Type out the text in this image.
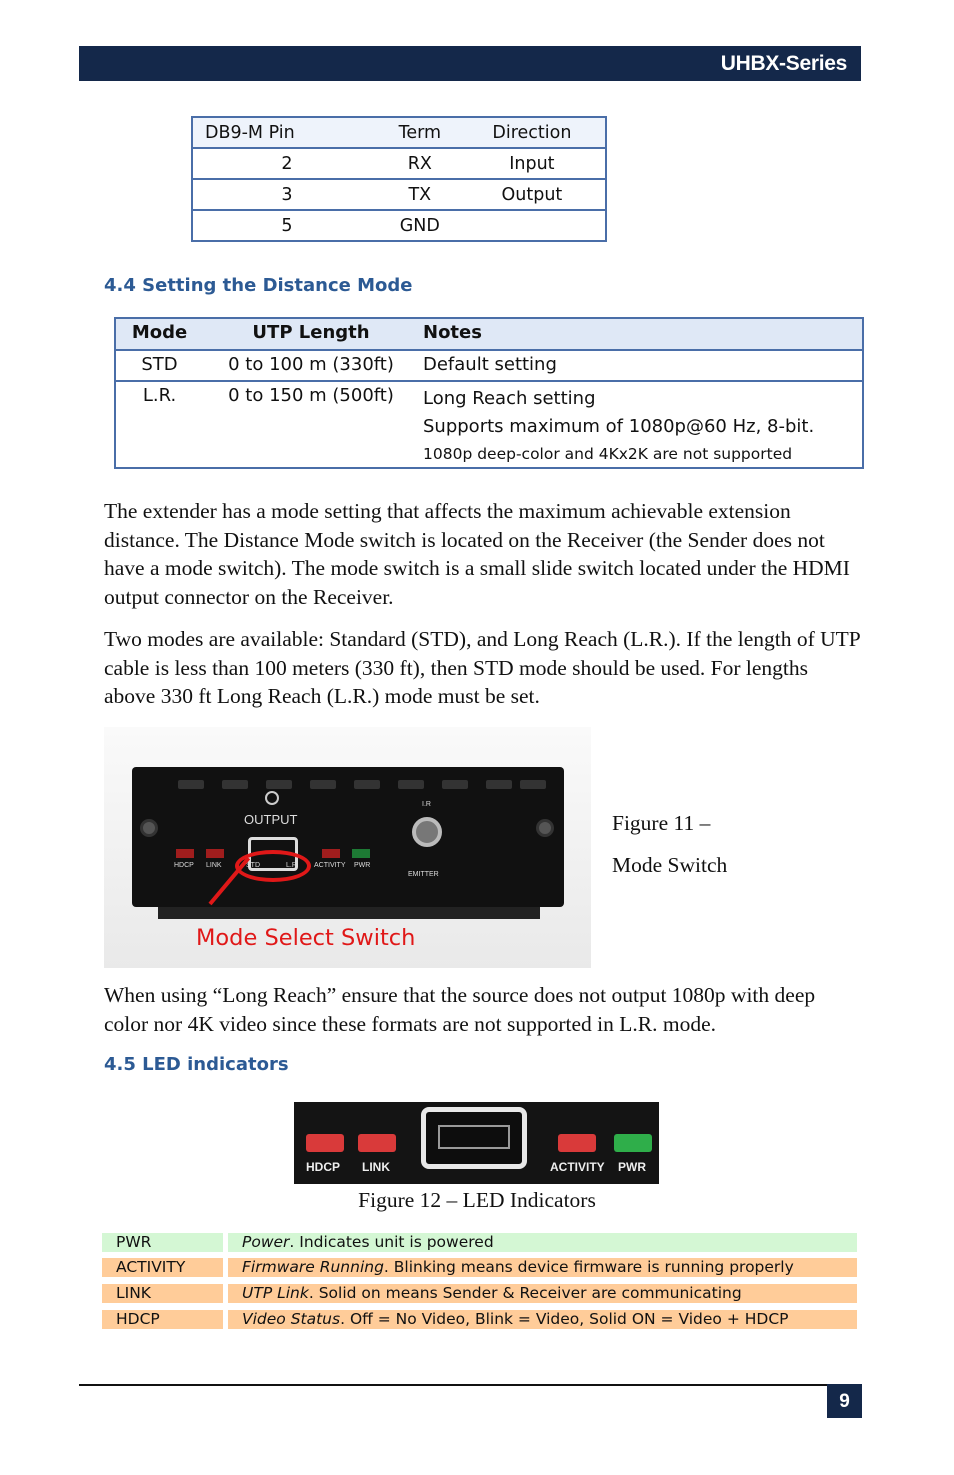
UHBX-Series
DB9-M Pin	Term	Direction
2	RX	Input
3	TX	Output
5	GND	
4.4 Setting the Distance Mode
Mode	UTP Length	Notes
STD	0 to 100 m (330ft)	Default setting
L.R.	0 to 150 m (500ft)	Long Reach setting
Supports maximum of 1080p@60 Hz, 8-bit.
1080p deep-color and 4Kx2K are not supported

The extender has a mode setting that affects the maximum achievable extension distance. The Distance Mode switch is located on the Receiver (the Sender does not have a mode switch). The mode switch is a small slide switch located under the HDMI output connector on the Receiver.

Two modes are available: Standard (STD), and Long Reach (L.R.). If the length of UTP cable is less than 100 meters (330 ft), then STD mode should be used. For lengths above 330 ft Long Reach (L.R.) mode must be set.

OUTPUT
I.R
EMITTER
HDCP LINK	STD	L.R ACTIVITY PWR
Mode Select Switch
Figure 11 –
Mode Switch

When using “Long Reach” ensure that the source does not output 1080p with deep color nor 4K video since these formats are not supported in L.R. mode.

4.5 LED indicators
HDCP LINK	ACTIVITY PWR
Figure 12 – LED Indicators
PWR	Power. Indicates unit is powered
ACTIVITY	Firmware Running. Blinking means device firmware is running properly
LINK	UTP Link. Solid on means Sender & Receiver are communicating
HDCP	Video Status. Off = No Video, Blink = Video, Solid ON = Video + HDCP
9
